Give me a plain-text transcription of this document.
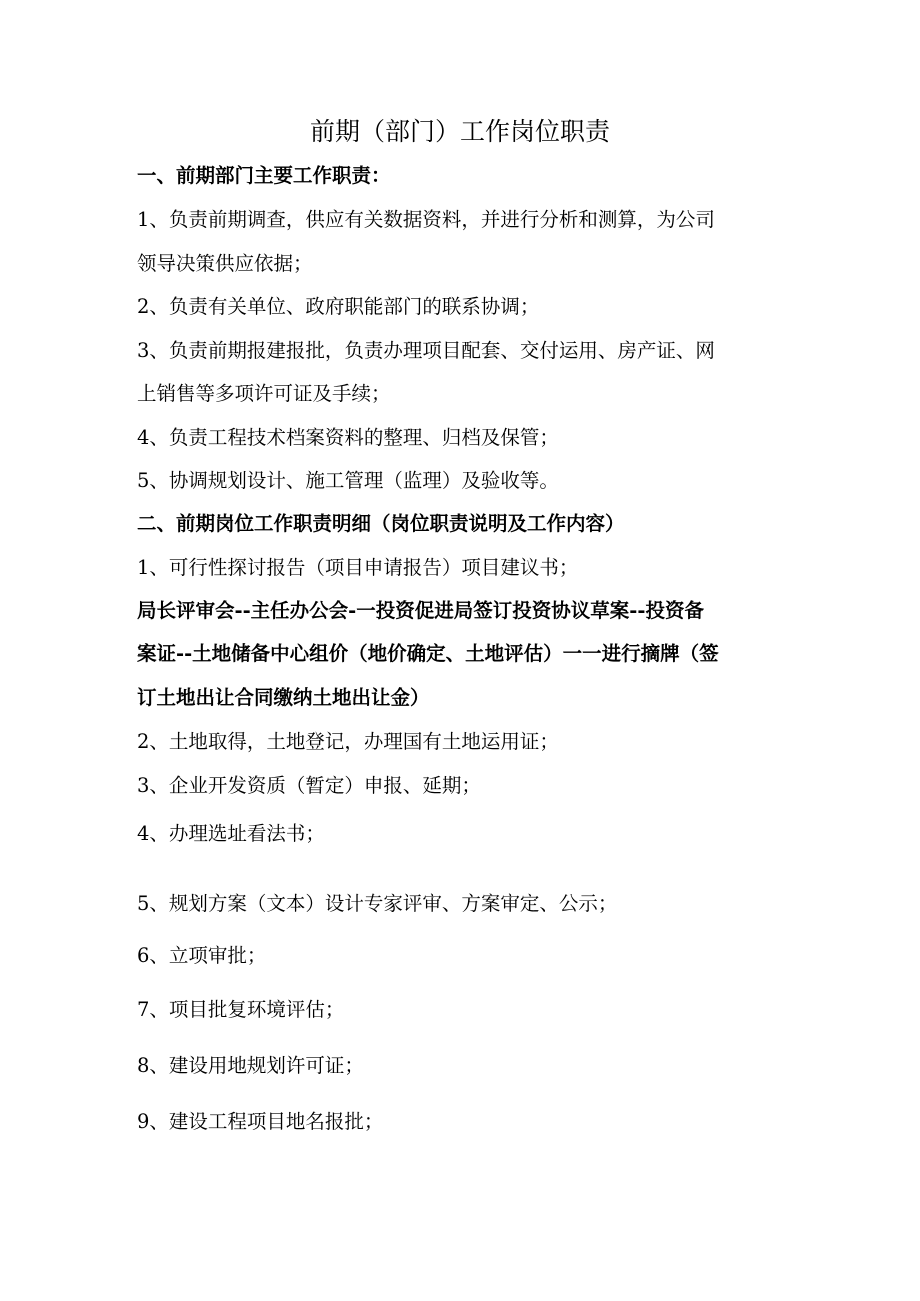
前期（部门）工作岗位职责

一、前期部门主要工作职责：

1、负责前期调查，供应有关数据资料，并进行分析和测算，为公司

领导决策供应依据；

2、负责有关单位、政府职能部门的联系协调；

3、负责前期报建报批，负责办理项目配套、交付运用、房产证、网

上销售等多项许可证及手续；

4、负责工程技术档案资料的整理、归档及保管；

5、协调规划设计、施工管理（监理）及验收等。

二、前期岗位工作职责明细（岗位职责说明及工作内容）

1、可行性探讨报告（项目申请报告）项目建议书；

局长评审会--主任办公会-一投资促进局签订投资协议草案--投资备

案证--土地储备中心组价（地价确定、土地评估）一一进行摘牌（签

订土地出让合同缴纳土地出让金）

2、土地取得，土地登记，办理国有土地运用证；

3、企业开发资质（暂定）申报、延期；

4、办理选址看法书；

5、规划方案（文本）设计专家评审、方案审定、公示；

6、立项审批；

7、项目批复环境评估；

8、建设用地规划许可证；

9、建设工程项目地名报批；
